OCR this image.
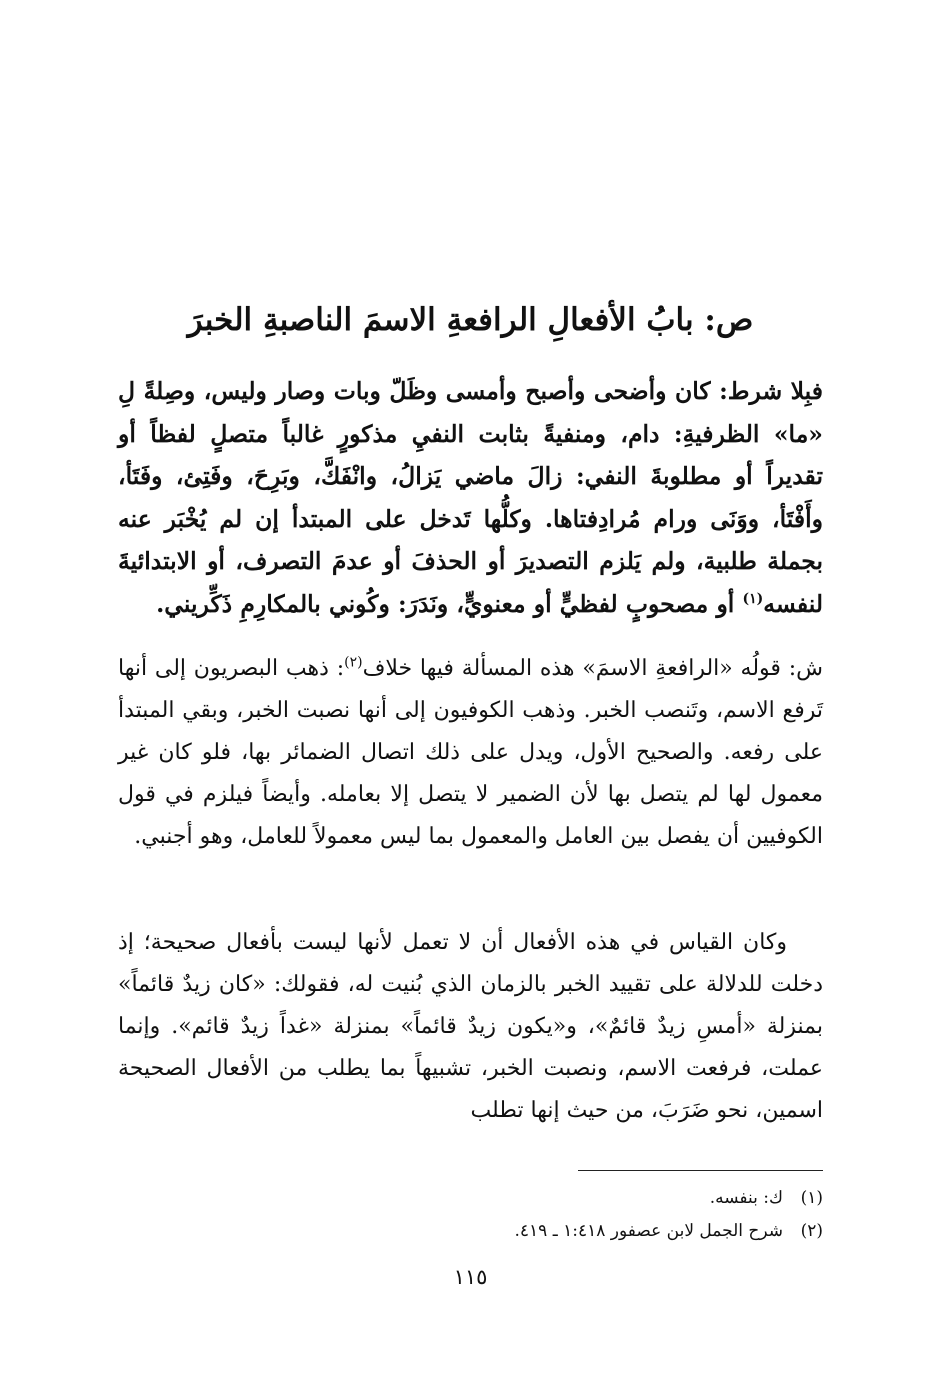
ص: بابُ الأفعالِ الرافعةِ الاسمَ الناصبةِ الخبرَ
فبِلا شرط: كان وأضحى وأصبح وأمسى وظَلّ وبات وصار وليس، وصِلةً لِ «ما» الظرفيةِ: دام، ومنفيةً بثابت النفيِ مذكورٍ غالباً متصلٍ لفظاً أو تقديراً أو مطلوبةَ النفي: زالَ ماضي يَزالُ، وانْفَكَّ، وبَرِحَ، وفَتِئ، وفَتَأ، وأَفْتَأ، ووَنَى ورام مُرادِفتاها. وكلُّها تَدخل على المبتدأ إن لم يُخْبَر عنه بجملة طلبية، ولم يَلزم التصديرَ أو الحذفَ أو عدمَ التصرف، أو الابتدائيةَ لنفسه$^{(١)}$ أو مصحوبٍ لفظيٍّ أو معنويٍّ، ونَدَرَ: وكُوني بالمكارِمِ ذَكِّريني.
ش: قولُه «الرافعةِ الاسمَ» هذه المسألة فيها خلاف$^{(٢)}$: ذهب البصريون إلى أنها تَرفع الاسم، وتَنصب الخبر. وذهب الكوفيون إلى أنها نصبت الخبر، وبقي المبتدأ على رفعه. والصحيح الأول، ويدل على ذلك اتصال الضمائر بها، فلو كان غير معمول لها لم يتصل بها لأن الضمير لا يتصل إلا بعامله. وأيضاً فيلزم في قول الكوفيين أن يفصل بين العامل والمعمول بما ليس معمولاً للعامل، وهو أجنبي.
وكان القياس في هذه الأفعال أن لا تعمل لأنها ليست بأفعال صحيحة؛ إذ دخلت للدلالة على تقييد الخبر بالزمان الذي بُنيت له، فقولك: «كان زيدٌ قائماً» بمنزلة «أمسِ زيدٌ قائمٌ»، و«يكون زيدٌ قائماً» بمنزلة «غداً زيدٌ قائم». وإنما عملت، فرفعت الاسم، ونصبت الخبر، تشبيهاً بما يطلب من الأفعال الصحيحة اسمين، نحو ضَرَبَ، من حيث إنها تطلب
(١)ك: بنفسه.
(٢)شرح الجمل لابن عصفور ١:٤١٨ ـ ٤١٩.
١١٥
